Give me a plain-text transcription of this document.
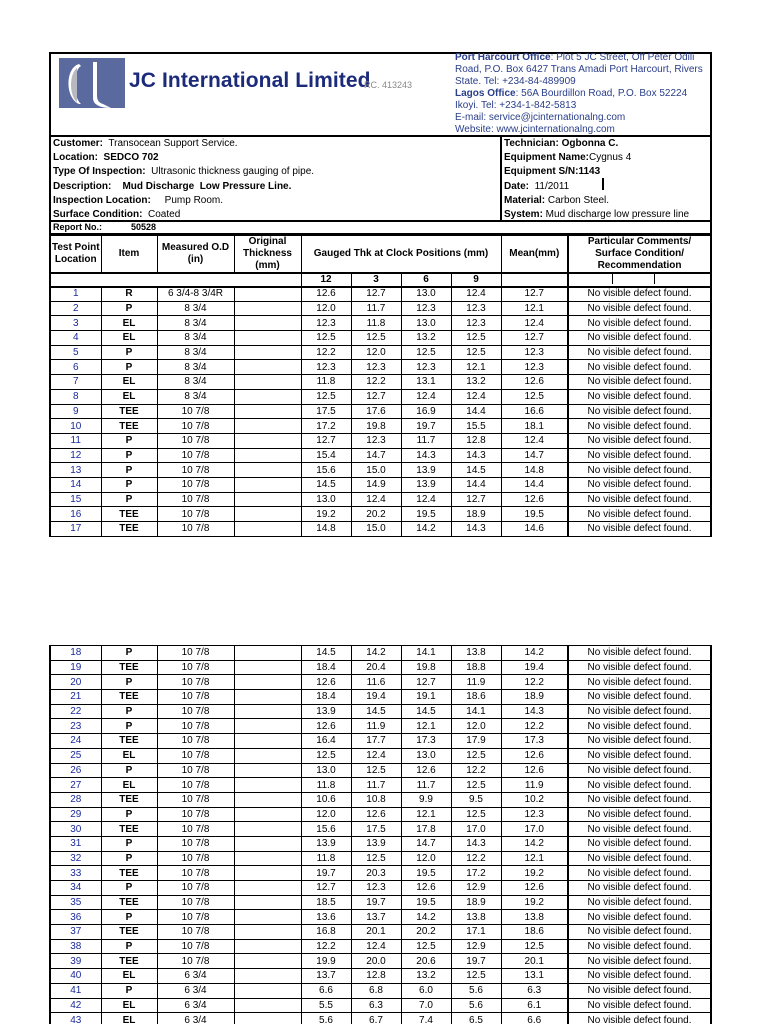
JC International Limited
RC. 413243
Port Harcourt Office: Plot 5 JC Street, Off Peter Odili Road, P.O. Box 6427 Trans Amadi Port Harcourt, Rivers State. Tel: +234-84-489909
Lagos Office: 56A Bourdillon Road, P.O. Box 52224 Ikoyi. Tel: +234-1-842-5813
E-mail: service@jcinternationalng.com
Website: www.jcinternationalng.com
Customer:  Transocean Support Service.
Location:  SEDCO 702
Type Of Inspection:  Ultrasonic thickness gauging of pipe.
Description:    Mud Discharge  Low Pressure Line.
Inspection Location:     Pump Room.
Surface Condition:  Coated
Technician: Ogbonna C.
Equipment Name:Cygnus 4
Equipment S/N:1143
Date:  11/2011
Material: Carbon Steel.
System: Mud discharge low pressure line
Report No.:	50528
Test Point Location	Item	Measured O.D (in)	Original Thickness (mm)	Gauged Thk at Clock Positions (mm)				Mean(mm)	Particular Comments/ Surface Condition/ Recommendation
				12	3	6	9		
1	R	6 3/4-8 3/4R		12.6	12.7	13.0	12.4	12.7	No visible defect found.
2	P	8 3/4		12.0	11.7	12.3	12.3	12.1	No visible defect found.
3	EL	8 3/4		12.3	11.8	13.0	12.3	12.4	No visible defect found.
4	EL	8 3/4		12.5	12.5	13.2	12.5	12.7	No visible defect found.
5	P	8 3/4		12.2	12.0	12.5	12.5	12.3	No visible defect found.
6	P	8 3/4		12.3	12.3	12.3	12.1	12.3	No visible defect found.
7	EL	8 3/4		11.8	12.2	13.1	13.2	12.6	No visible defect found.
8	EL	8 3/4		12.5	12.7	12.4	12.4	12.5	No visible defect found.
9	TEE	10 7/8		17.5	17.6	16.9	14.4	16.6	No visible defect found.
10	TEE	10 7/8		17.2	19.8	19.7	15.5	18.1	No visible defect found.
11	P	10 7/8		12.7	12.3	11.7	12.8	12.4	No visible defect found.
12	P	10 7/8		15.4	14.7	14.3	14.3	14.7	No visible defect found.
13	P	10 7/8		15.6	15.0	13.9	14.5	14.8	No visible defect found.
14	P	10 7/8		14.5	14.9	13.9	14.4	14.4	No visible defect found.
15	P	10 7/8		13.0	12.4	12.4	12.7	12.6	No visible defect found.
16	TEE	10 7/8		19.2	20.2	19.5	18.9	19.5	No visible defect found.
17	TEE	10 7/8		14.8	15.0	14.2	14.3	14.6	No visible defect found.
18	P	10 7/8		14.5	14.2	14.1	13.8	14.2	No visible defect found.
19	TEE	10 7/8		18.4	20.4	19.8	18.8	19.4	No visible defect found.
20	P	10 7/8		12.6	11.6	12.7	11.9	12.2	No visible defect found.
21	TEE	10 7/8		18.4	19.4	19.1	18.6	18.9	No visible defect found.
22	P	10 7/8		13.9	14.5	14.5	14.1	14.3	No visible defect found.
23	P	10 7/8		12.6	11.9	12.1	12.0	12.2	No visible defect found.
24	TEE	10 7/8		16.4	17.7	17.3	17.9	17.3	No visible defect found.
25	EL	10 7/8		12.5	12.4	13.0	12.5	12.6	No visible defect found.
26	P	10 7/8		13.0	12.5	12.6	12.2	12.6	No visible defect found.
27	EL	10 7/8		11.8	11.7	11.7	12.5	11.9	No visible defect found.
28	TEE	10 7/8		10.6	10.8	9.9	9.5	10.2	No visible defect found.
29	P	10 7/8		12.0	12.6	12.1	12.5	12.3	No visible defect found.
30	TEE	10 7/8		15.6	17.5	17.8	17.0	17.0	No visible defect found.
31	P	10 7/8		13.9	13.9	14.7	14.3	14.2	No visible defect found.
32	P	10 7/8		11.8	12.5	12.0	12.2	12.1	No visible defect found.
33	TEE	10 7/8		19.7	20.3	19.5	17.2	19.2	No visible defect found.
34	P	10 7/8		12.7	12.3	12.6	12.9	12.6	No visible defect found.
35	TEE	10 7/8		18.5	19.7	19.5	18.9	19.2	No visible defect found.
36	P	10 7/8		13.6	13.7	14.2	13.8	13.8	No visible defect found.
37	TEE	10 7/8		16.8	20.1	20.2	17.1	18.6	No visible defect found.
38	P	10 7/8		12.2	12.4	12.5	12.9	12.5	No visible defect found.
39	TEE	10 7/8		19.9	20.0	20.6	19.7	20.1	No visible defect found.
40	EL	6 3/4		13.7	12.8	13.2	12.5	13.1	No visible defect found.
41	P	6 3/4		6.6	6.8	6.0	5.6	6.3	No visible defect found.
42	EL	6 3/4		5.5	6.3	7.0	5.6	6.1	No visible defect found.
43	EL	6 3/4		5.6	6.7	7.4	6.5	6.6	No visible defect found.
